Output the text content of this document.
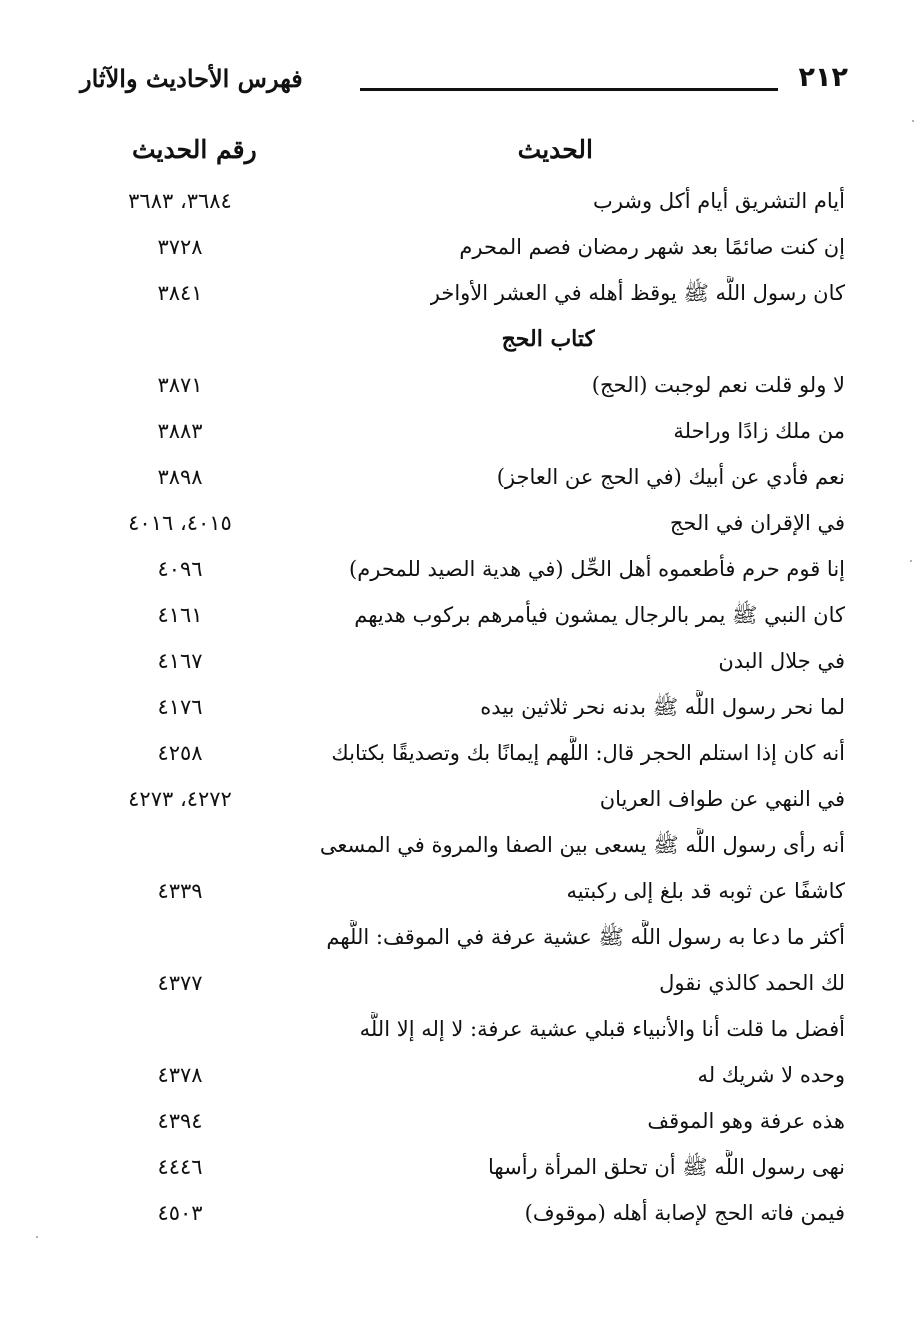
٢١٢
فهرس الأحاديث والآثار
الحديث
رقم الحديث
أيام التشريق أيام أكل وشرب
٣٦٨٤، ٣٦٨٣
إن كنت صائمًا بعد شهر رمضان فصم المحرم
٣٧٢٨
كان رسول اللَّه ﷺ يوقظ أهله في العشر الأواخر
٣٨٤١
كتاب الحج
لا ولو قلت نعم لوجبت (الحج)
٣٨٧١
من ملك زادًا وراحلة
٣٨٨٣
نعم فأدي عن أبيك (في الحج عن العاجز)
٣٨٩٨
في الإقران في الحج
٤٠١٥، ٤٠١٦
إنا قوم حرم فأطعموه أهل الحِّل (في هدية الصيد للمحرم)
٤٠٩٦
كان النبي ﷺ يمر بالرجال يمشون فيأمرهم بركوب هديهم
٤١٦١
في جلال البدن
٤١٦٧
لما نحر رسول اللَّه ﷺ بدنه نحر ثلاثين بيده
٤١٧٦
أنه كان إذا استلم الحجر قال: اللَّهم إيمانًا بك وتصديقًا بكتابك
٤٢٥٨
في النهي عن طواف العريان
٤٢٧٢، ٤٢٧٣
أنه رأى رسول اللَّه ﷺ يسعى بين الصفا والمروة في المسعى
كاشفًا عن ثوبه قد بلغ إلى ركبتيه
٤٣٣٩
أكثر ما دعا به رسول اللَّه ﷺ عشية عرفة في الموقف: اللَّهم
لك الحمد كالذي نقول
٤٣٧٧
أفضل ما قلت أنا والأنبياء قبلي عشية عرفة: لا إله إلا اللَّه
وحده لا شريك له
٤٣٧٨
هذه عرفة وهو الموقف
٤٣٩٤
نهى رسول اللَّه ﷺ أن تحلق المرأة رأسها
٤٤٤٦
فيمن فاته الحج لإصابة أهله (موقوف)
٤٥٠٣
